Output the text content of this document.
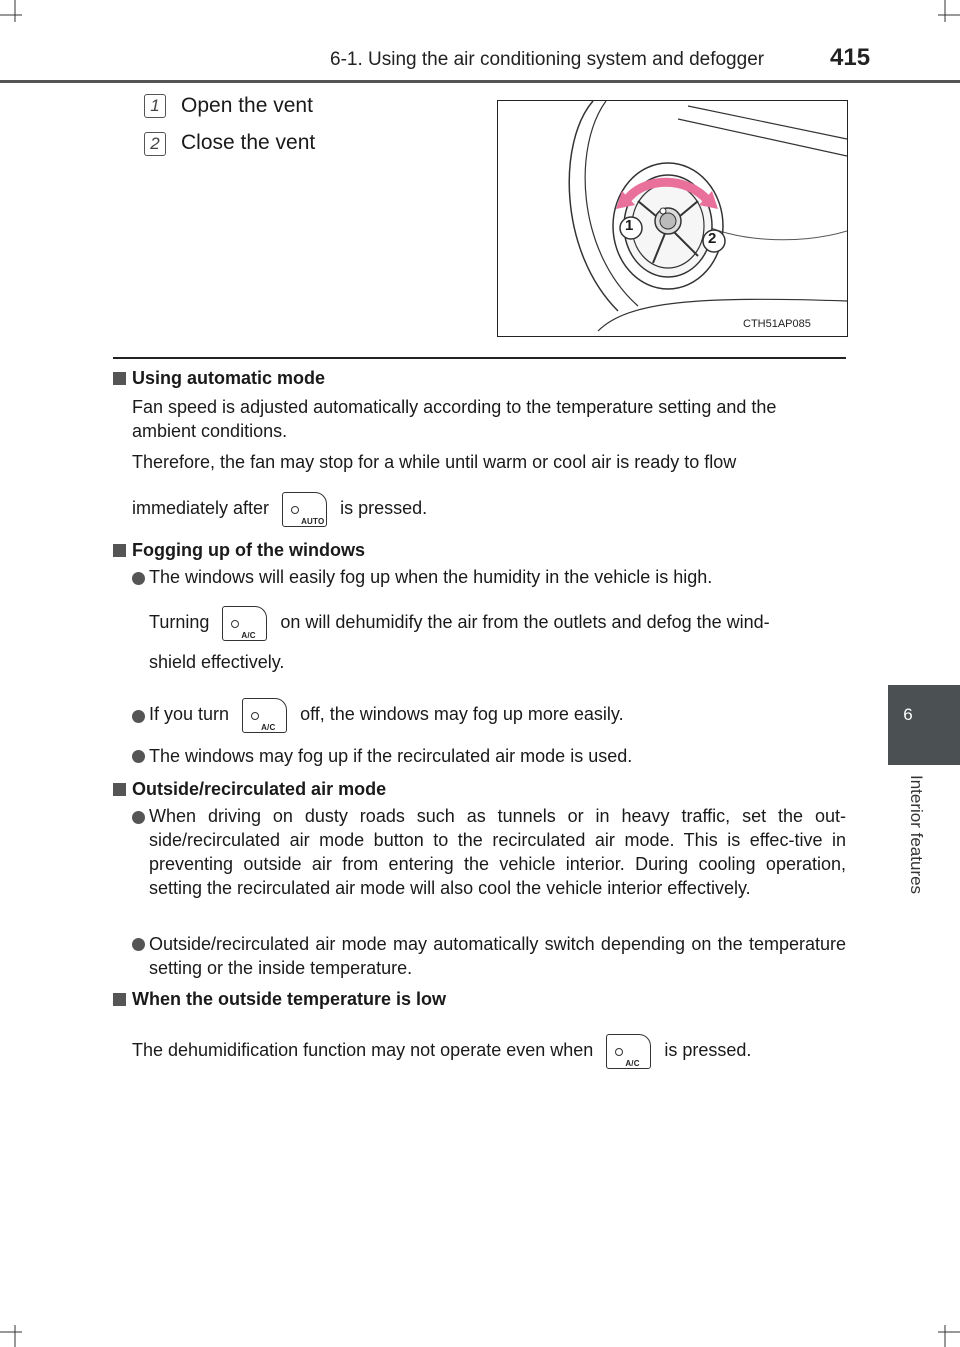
6-1. Using the air conditioning system and defogger	415
6
Interior features
1 Open the vent
2 Close the vent
1
2
CTH51AP085
Using automatic mode
Fan speed is adjusted automatically according to the temperature setting and the ambient conditions.
Therefore, the fan may stop for a while until warm or cool air is ready to flow
immediately after
AUTO
is pressed.
Fogging up of the windows
The windows will easily fog up when the humidity in the vehicle is high.
Turning
A/C
on will dehumidify the air from the outlets and defog the wind-
shield effectively.
If you turn
A/C
off, the windows may fog up more easily.
The windows may fog up if the recirculated air mode is used.
Outside/recirculated air mode
When driving on dusty roads such as tunnels or in heavy traffic, set the out-side/recirculated air mode button to the recirculated air mode. This is effec-tive in preventing outside air from entering the vehicle interior. During cooling operation, setting the recirculated air mode will also cool the vehicle interior effectively.
Outside/recirculated air mode may automatically switch depending on the temperature setting or the inside temperature.
When the outside temperature is low
The dehumidification function may not operate even when
A/C
is pressed.
